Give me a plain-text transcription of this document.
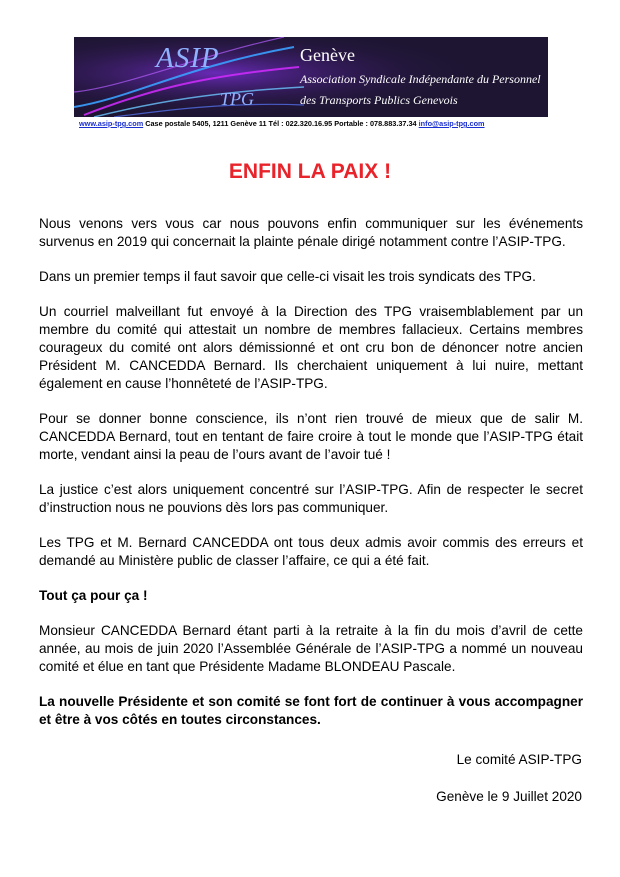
ASIP
TPG
Genève
Association Syndicale Indépendante du Personnel
des Transports Publics Genevois
www.asip-tpg.com Case postale 5405, 1211 Genève 11 Tél : 022.320.16.95 Portable : 078.883.37.34 info@asip-tpg.com
ENFIN LA PAIX !

Nous venons vers vous car nous pouvons enfin communiquer sur les événements survenus en 2019 qui concernait la plainte pénale dirigé notamment contre l’ASIP-TPG.

Dans un premier temps il faut savoir que celle-ci visait les trois syndicats des TPG.

Un courriel malveillant fut envoyé à la Direction des TPG vraisemblablement par un membre du comité qui attestait un nombre de membres fallacieux. Certains membres courageux du comité ont alors démissionné et ont cru bon de dénoncer notre ancien Président M. CANCEDDA Bernard. Ils cherchaient uniquement à lui nuire, mettant également en cause l’honnêteté de l’ASIP-TPG.

Pour se donner bonne conscience, ils n’ont rien trouvé de mieux que de salir M. CANCEDDA Bernard, tout en tentant de faire croire à tout le monde que l’ASIP-TPG était morte, vendant ainsi la peau de l’ours avant de l’avoir tué !

La justice c’est alors uniquement concentré sur l’ASIP-TPG. Afin de respecter le secret d’instruction nous ne pouvions dès lors pas communiquer.

Les TPG et M. Bernard CANCEDDA ont tous deux admis avoir commis des erreurs et demandé au Ministère public de classer l’affaire, ce qui a été fait.

Tout ça pour ça !

Monsieur CANCEDDA Bernard étant parti à la retraite à la fin du mois d’avril de cette année, au mois de juin 2020 l’Assemblée Générale de l’ASIP-TPG a nommé un nouveau comité et élue en tant que Présidente Madame BLONDEAU Pascale.

La nouvelle Présidente et son comité se font fort de continuer à vous accompagner et être à vos côtés en toutes circonstances.

Le comité ASIP-TPG
Genève le 9 Juillet 2020
